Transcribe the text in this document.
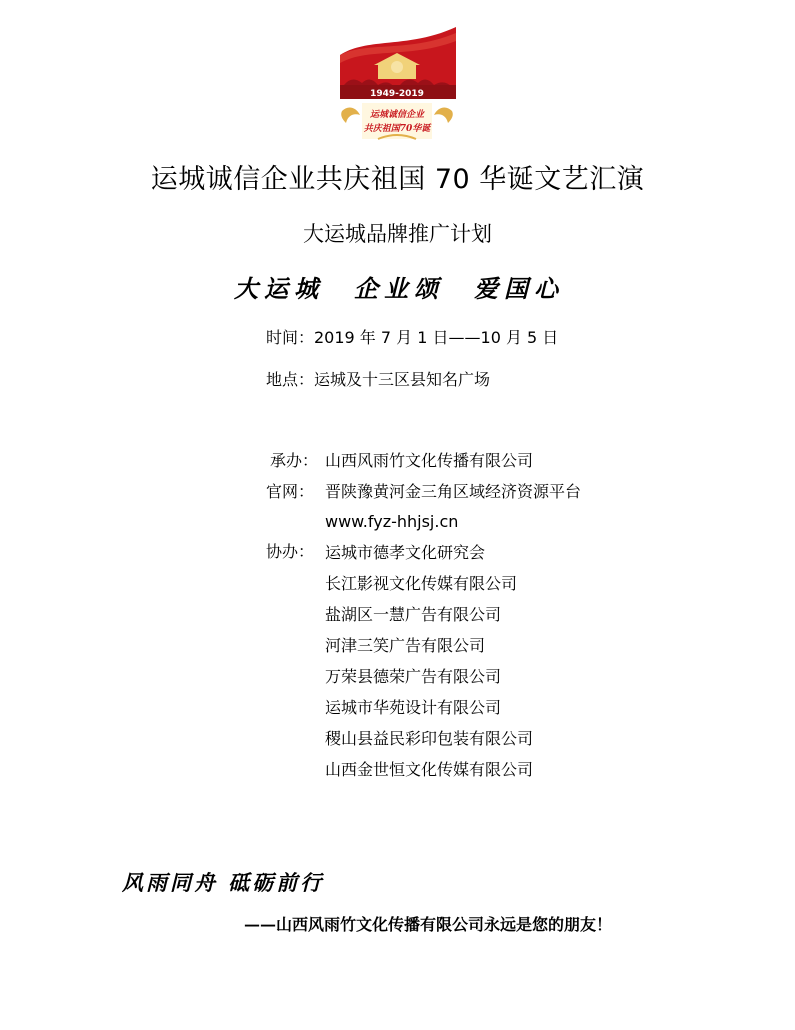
1949-2019
运城诚信企业
共庆祖国70华诞
运城诚信企业共庆祖国 70 华诞文艺汇演
大运城品牌推广计划
大运城 企业颂 爱国心
时间：2019 年 7 月 1 日——10 月 5 日
地点：运城及十三区县知名广场
承办： 山西风雨竹文化传播有限公司
官网： 晋陕豫黄河金三角区域经济资源平台
www.fyz-hhjsj.cn
协办： 运城市德孝文化研究会
长江影视文化传媒有限公司
盐湖区一慧广告有限公司
河津三笑广告有限公司
万荣县德荣广告有限公司
运城市华苑设计有限公司
稷山县益民彩印包装有限公司
山西金世恒文化传媒有限公司
风雨同舟 砥砺前行
——山西风雨竹文化传播有限公司永远是您的朋友！
